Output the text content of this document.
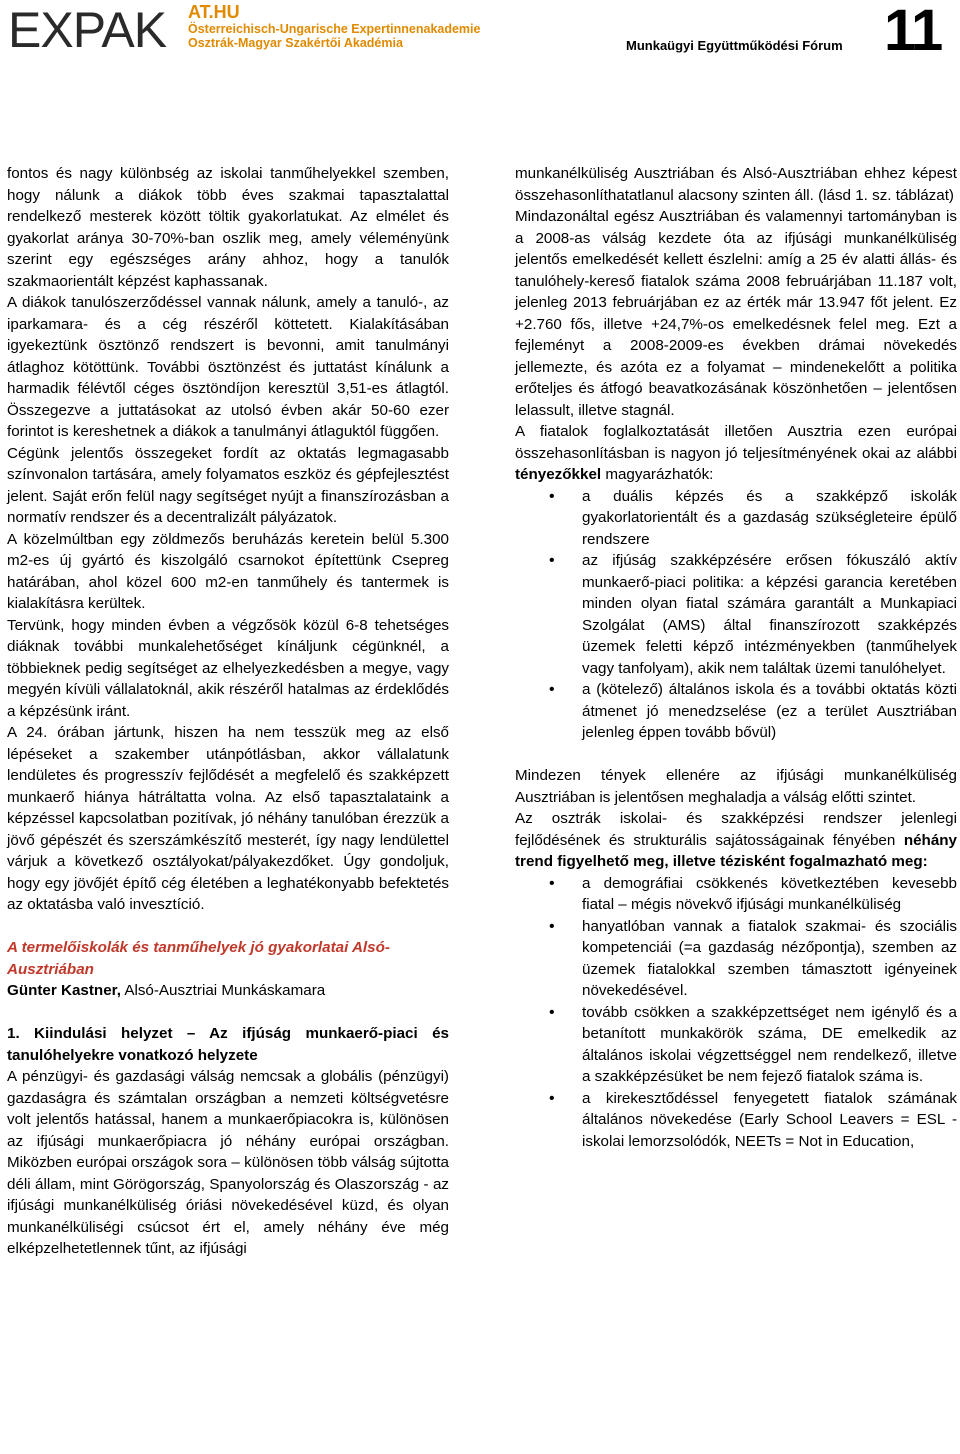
EXPAK AT.HU
Österreichisch-Ungarische Expertinnenakademie
Osztrák-Magyar Szakértői Akadémia	Munkaügyi Együttműködési Fórum 11

fontos és nagy különbség az iskolai tanműhelyekkel szemben, hogy nálunk a diákok több éves szakmai tapasztalattal rendelkező mesterek között töltik gyakorlatukat. Az elmélet és gyakorlat aránya 30-70%-ban oszlik meg, amely véleményünk szerint egy egészséges arány ahhoz, hogy a tanulók szakmaorientált képzést kaphassanak.

A diákok tanulószerződéssel vannak nálunk, amely a tanuló-, az iparkamara- és a cég részéről köttetett. Kialakításában igyekeztünk ösztönző rendszert is bevonni, amit tanulmányi átlaghoz kötöttünk. További ösztönzést és juttatást kínálunk a harmadik félévtől céges ösztöndíjon keresztül 3,51-es átlagtól. Összegezve a juttatásokat az utolsó évben akár 50-60 ezer forintot is kereshetnek a diákok a tanulmányi átlaguktól függően.

Cégünk jelentős összegeket fordít az oktatás legmagasabb színvonalon tartására, amely folyamatos eszköz és gépfejlesztést jelent. Saját erőn felül nagy segítséget nyújt a finanszírozásban a normatív rendszer és a decentralizált pályázatok.

A közelmúltban egy zöldmezős beruházás keretein belül 5.300 m2-es új gyártó és kiszolgáló csarnokot építettünk Csepreg határában, ahol közel 600 m2-en tanműhely és tantermek is kialakításra kerültek.

Tervünk, hogy minden évben a végzősök közül 6-8 tehetséges diáknak további munkalehetőséget kínáljunk cégünknél, a többieknek pedig segítséget az elhelyezkedésben a megye, vagy megyén kívüli vállalatoknál, akik részéről hatalmas az érdeklődés a képzésünk iránt.

A 24. órában jártunk, hiszen ha nem tesszük meg az első lépéseket a szakember utánpótlásban, akkor vállalatunk lendületes és progresszív fejlődését a megfelelő és szakképzett munkaerő hiánya hátráltatta volna. Az első tapasztalataink a képzéssel kapcsolatban pozitívak, jó néhány tanulóban érezzük a jövő gépészét és szerszámkészítő mesterét, így nagy lendülettel várjuk a következő osztályokat/pályakezdőket. Úgy gondoljuk, hogy egy jövőjét építő cég életében a leghatékonyabb befektetés az oktatásba való invesztíció.

A termelőiskolák és tanműhelyek jó gyakorlatai Alsó-Ausztriában

Günter Kastner, Alsó-Ausztriai Munkáskamara

1. Kiindulási helyzet – Az ifjúság munkaerő-piaci és tanulóhelyekre vonatkozó helyzete

A pénzügyi- és gazdasági válság nemcsak a globális (pénzügyi) gazdaságra és számtalan országban a nemzeti költségvetésre volt jelentős hatással, hanem a munkaerőpiacokra is, különösen az ifjúsági munkaerőpiacra jó néhány európai országban. Miközben európai országok sora – különösen több válság sújtotta déli állam, mint Görögország, Spanyolország és Olaszország - az ifjúsági munkanélküliség óriási növekedésével küzd, és olyan munkanélküliségi csúcsot ért el, amely néhány éve még elképzelhetetlennek tűnt, az ifjúsági

munkanélküliség Ausztriában és Alsó-Ausztriában ehhez képest összehasonlíthatatlanul alacsony szinten áll. (lásd 1. sz. táblázat)

Mindazonáltal egész Ausztriában és valamennyi tartományban is a 2008-as válság kezdete óta az ifjúsági munkanélküliség jelentős emelkedését kellett észlelni: amíg a 25 év alatti állás- és tanulóhely-kereső fiatalok száma 2008 februárjában 11.187 volt, jelenleg 2013 februárjában ez az érték már 13.947 főt jelent. Ez +2.760 fős, illetve +24,7%-os emelkedésnek felel meg. Ezt a fejleményt a 2008-2009-es években drámai növekedés jellemezte, és azóta ez a folyamat – mindenekelőtt a politika erőteljes és átfogó beavatkozásának köszönhetően – jelentősen lelassult, illetve stagnál.

A fiatalok foglalkoztatását illetően Ausztria ezen európai összehasonlításban is nagyon jó teljesítményének okai az alábbi tényezőkkel magyarázhatók:

• a duális képzés és a szakképző iskolák gyakorlatorientált és a gazdaság szükségleteire épülő rendszere
• az ifjúság szakképzésére erősen fókuszáló aktív munkaerő-piaci politika: a képzési garancia keretében minden olyan fiatal számára garantált a Munkapiaci Szolgálat (AMS) által finanszírozott szakképzés üzemek feletti képző intézményekben (tanműhelyek vagy tanfolyam), akik nem találtak üzemi tanulóhelyet.
• a (kötelező) általános iskola és a további oktatás közti átmenet jó menedzselése (ez a terület Ausztriában jelenleg éppen tovább bővül)

Mindezen tények ellenére az ifjúsági munkanélküliség Ausztriában is jelentősen meghaladja a válság előtti szintet.

Az osztrák iskolai- és szakképzési rendszer jelenlegi fejlődésének és strukturális sajátosságainak fényében néhány trend figyelhető meg, illetve tézisként fogalmazható meg:

• a demográfiai csökkenés következtében kevesebb fiatal – mégis növekvő ifjúsági munkanélküliség
• hanyatlóban vannak a fiatalok szakmai- és szociális kompetenciái (=a gazdaság nézőpontja), szemben az üzemek fiatalokkal szemben támasztott igényeinek növekedésével.
• tovább csökken a szakképzettséget nem igénylő és a betanított munkakörök száma, DE emelkedik az általános iskolai végzettséggel nem rendelkező, illetve a szakképzésüket be nem fejező fiatalok száma is.
• a kirekesztődéssel fenyegetett fiatalok számának általános növekedése (Early School Leavers = ESL - iskolai lemorzsolódók, NEETs = Not in Education,
